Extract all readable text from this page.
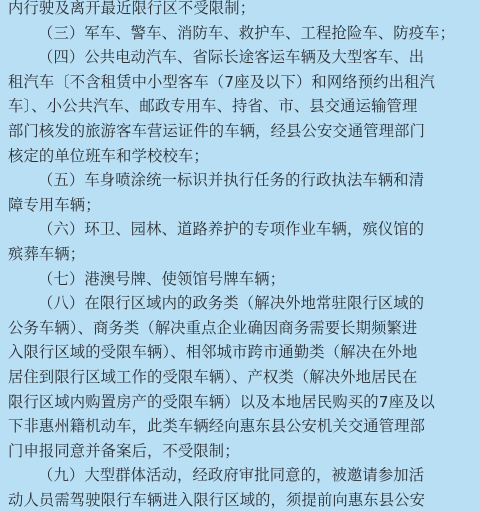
内行驶及离开最近限行区不受限制；
（三）军车、警车、消防车、救护车、工程抢险车、防疫车；
（四）公共电动汽车、省际长途客运车辆及大型客车、出
租汽车〔不含租赁中小型客车（7座及以下）和网络预约出租汽
车〕、小公共汽车、邮政专用车、持省、市、县交通运输管理
部门核发的旅游客车营运证件的车辆，经县公安交通管理部门
核定的单位班车和学校校车；
（五）车身喷涂统一标识并执行任务的行政执法车辆和清
障专用车辆；
（六）环卫、园林、道路养护的专项作业车辆，殡仪馆的
殡葬车辆；
（七）港澳号牌、使领馆号牌车辆；
（八）在限行区域内的政务类（解决外地常驻限行区域的
公务车辆）、商务类（解决重点企业确因商务需要长期频繁进
入限行区域的受限车辆）、相邻城市跨市通勤类（解决在外地
居住到限行区域工作的受限车辆）、产权类（解决外地居民在
限行区域内购置房产的受限车辆）以及本地居民购买的7座及以
下非惠州籍机动车，此类车辆经向惠东县公安机关交通管理部
门申报同意并备案后，不受限制；
（九）大型群体活动，经政府审批同意的，被邀请参加活
动人员需驾驶限行车辆进入限行区域的，须提前向惠东县公安
